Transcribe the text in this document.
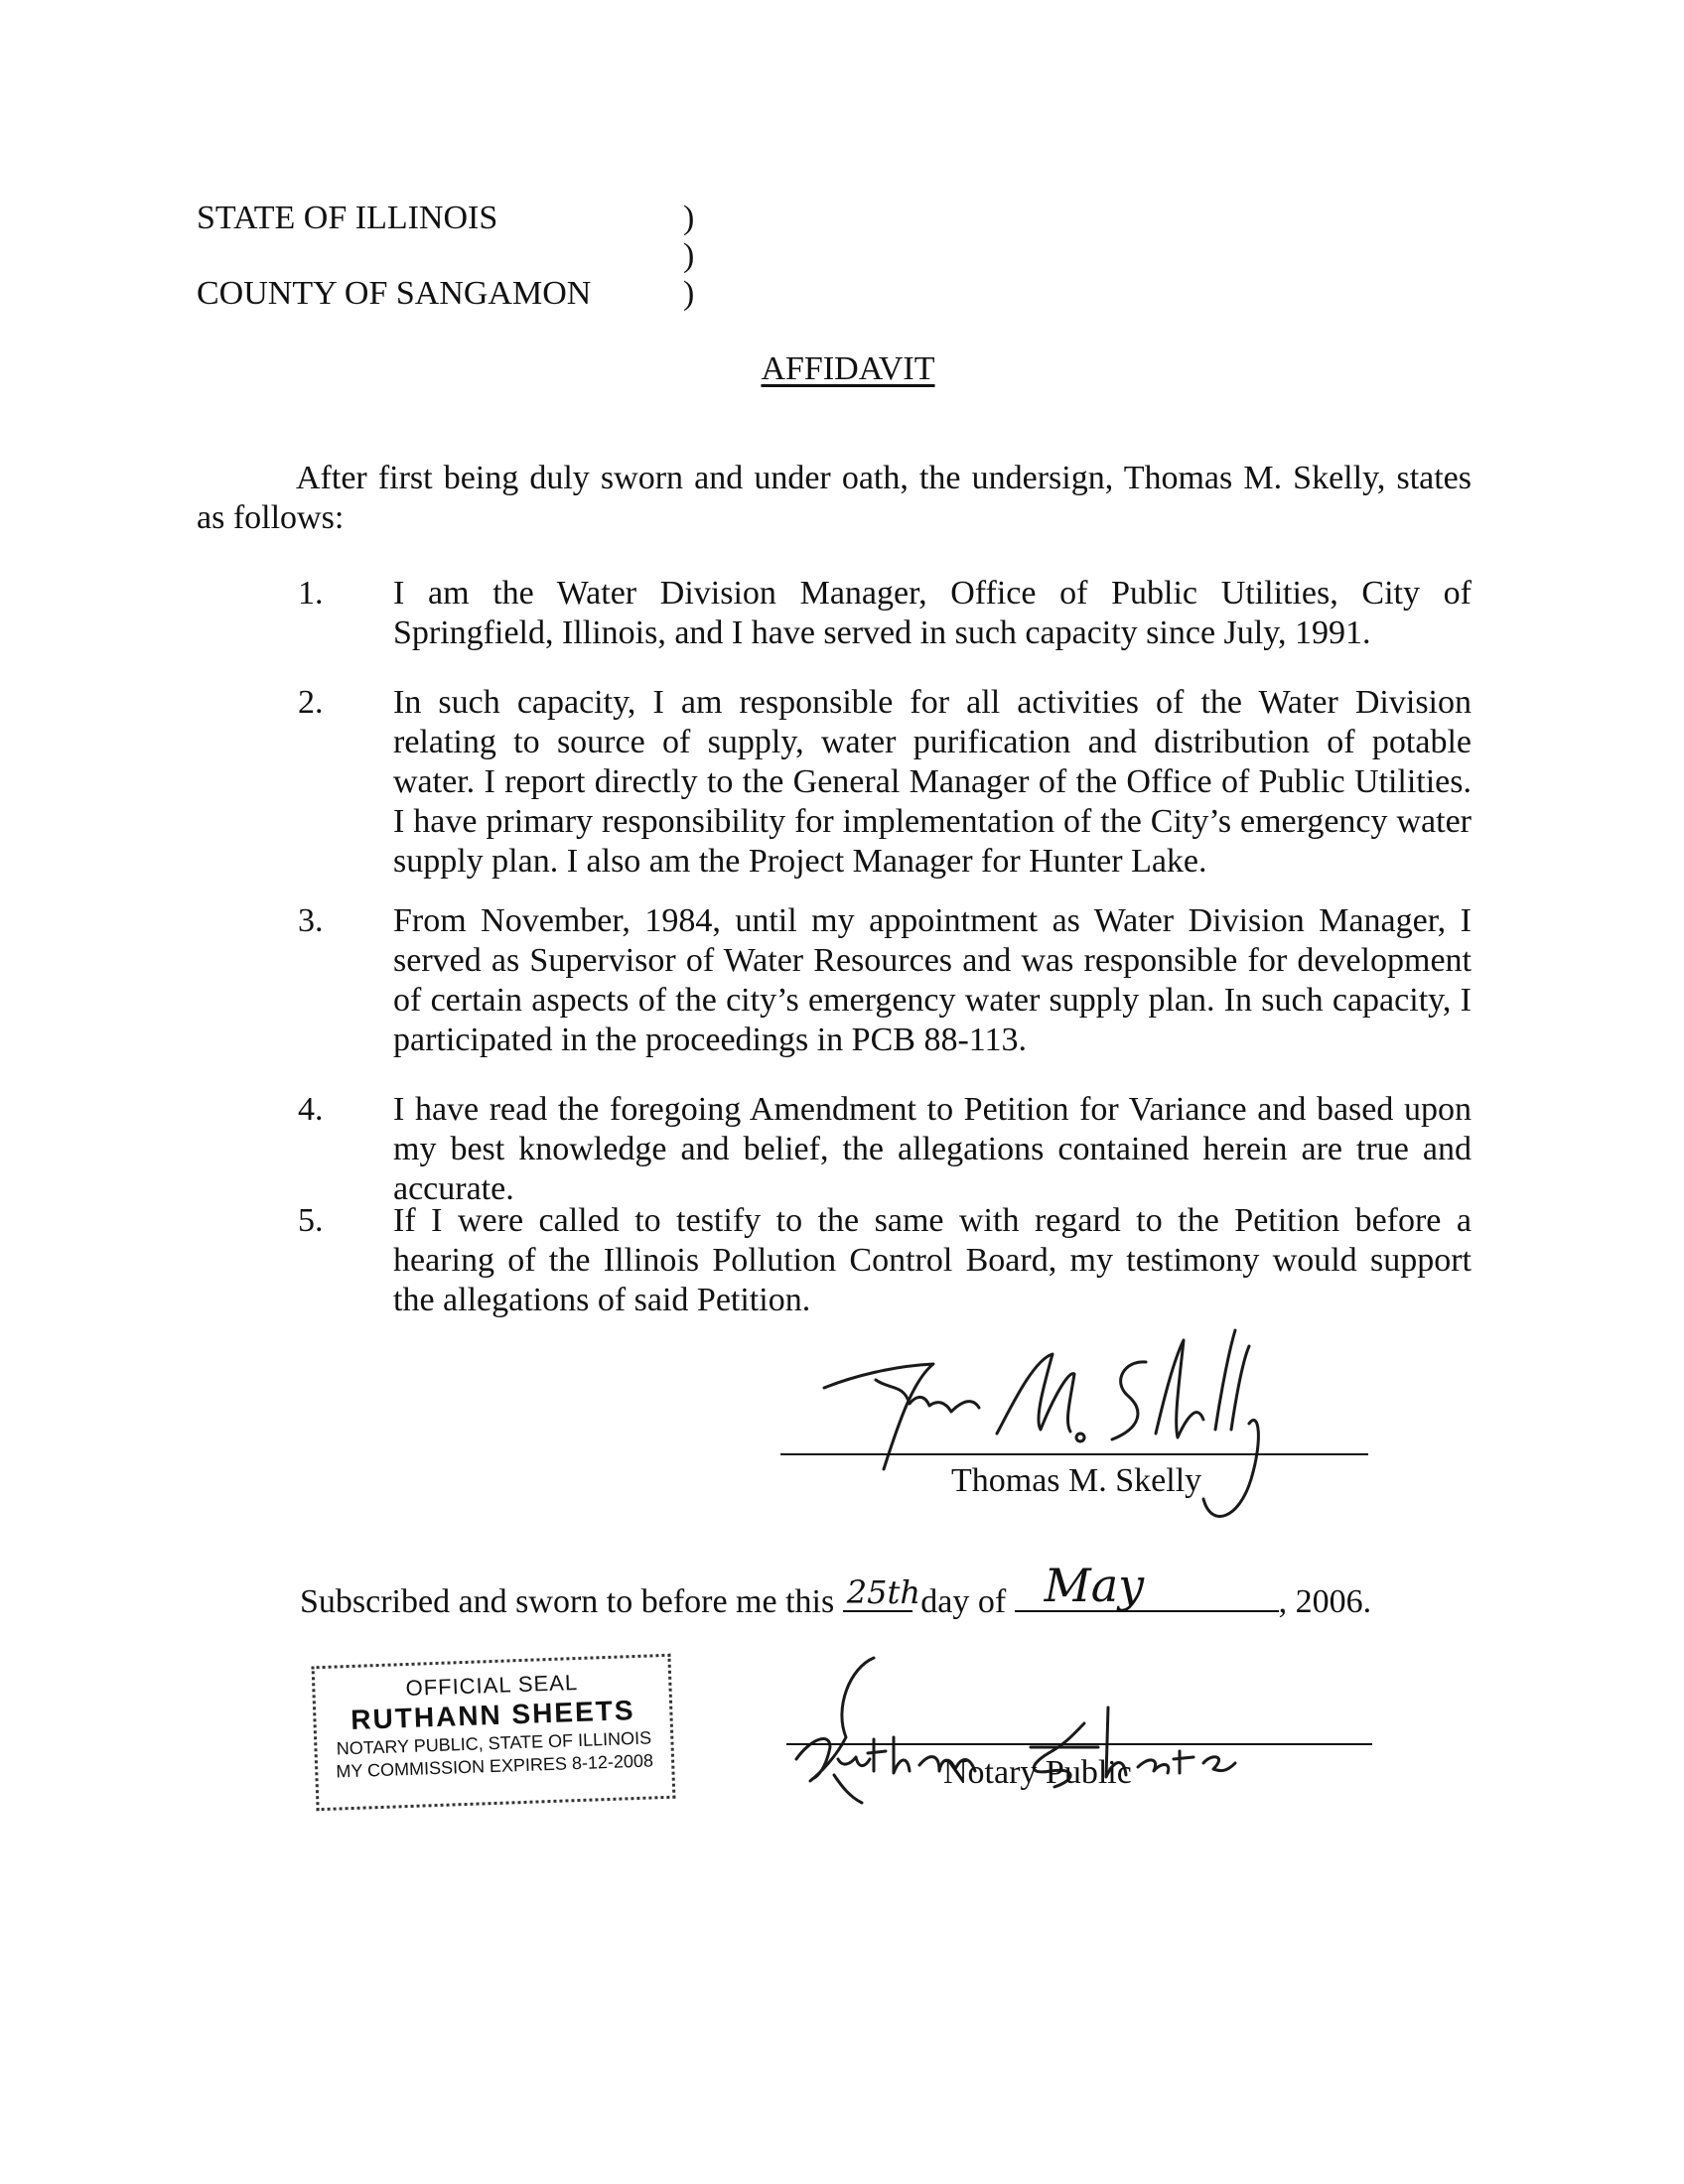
STATE OF ILLINOIS	)
)
COUNTY OF SANGAMON	)
AFFIDAVIT
After first being duly sworn and under oath, the undersign, Thomas M. Skelly, states as follows:
1. I am the Water Division Manager, Office of Public Utilities, City of Springfield, Illinois, and I have served in such capacity since July, 1991.
2. In such capacity, I am responsible for all activities of the Water Division relating to source of supply, water purification and distribution of potable water. I report directly to the General Manager of the Office of Public Utilities. I have primary responsibility for implementation of the City’s emergency water supply plan. I also am the Project Manager for Hunter Lake.
3. From November, 1984, until my appointment as Water Division Manager, I served as Supervisor of Water Resources and was responsible for development of certain aspects of the city’s emergency water supply plan. In such capacity, I participated in the proceedings in PCB 88-113.
4. I have read the foregoing Amendment to Petition for Variance and based upon my best knowledge and belief, the allegations contained herein are true and accurate.
5. If I were called to testify to the same with regard to the Petition before a hearing of the Illinois Pollution Control Board, my testimony would support the allegations of said Petition.
Thomas M. Skelly
Subscribed and sworn to before me this 25th day of May	, 2006.
OFFICIAL SEAL
RUTHANN SHEETS
NOTARY PUBLIC, STATE OF ILLINOIS
MY COMMISSION EXPIRES 8-12-2008	Notary Public
